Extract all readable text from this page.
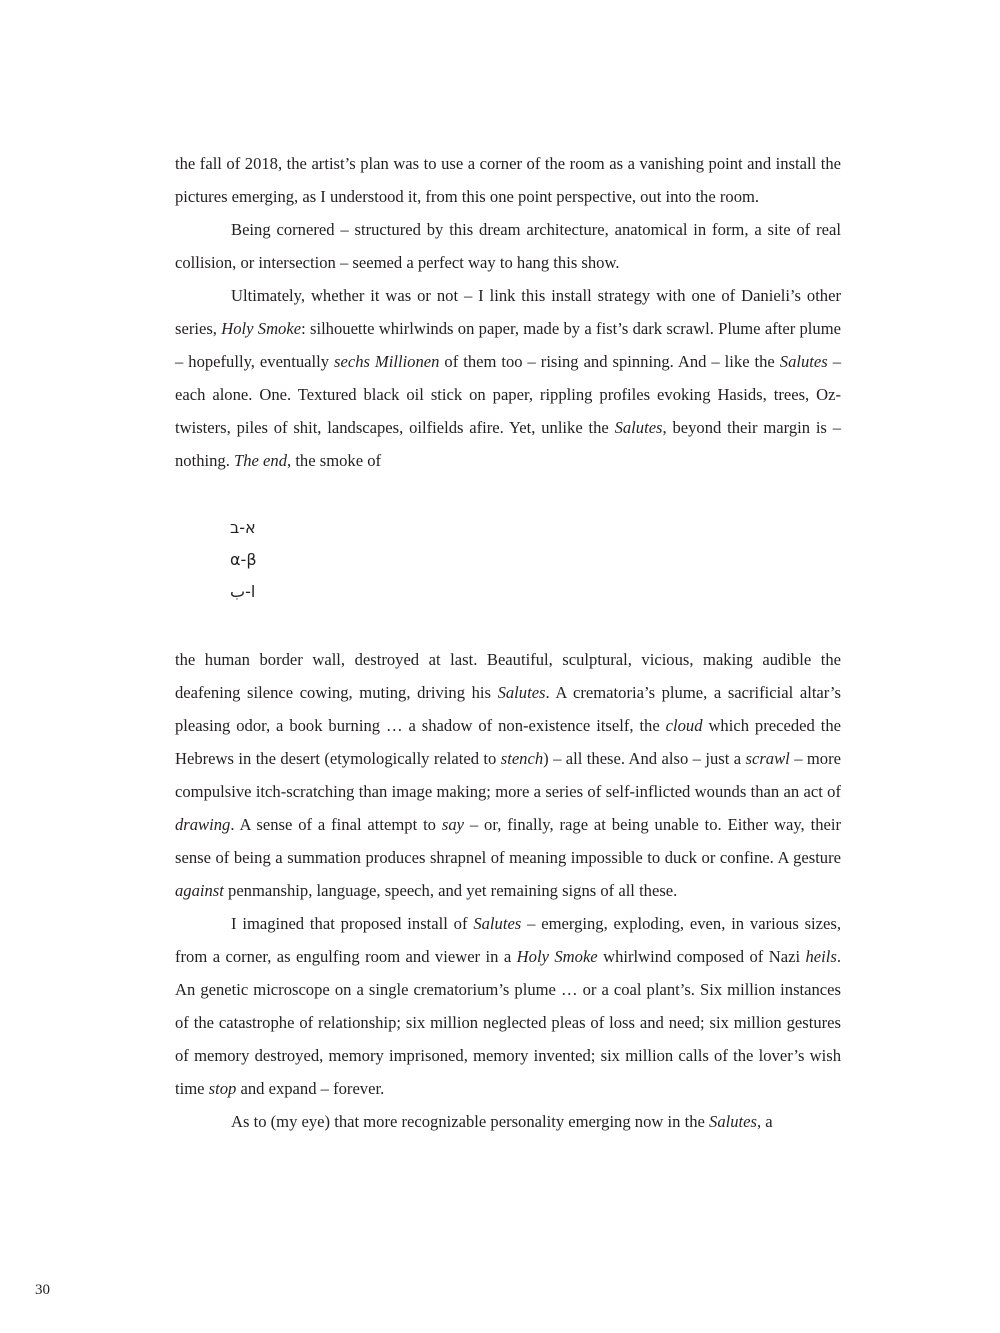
the fall of 2018, the artist’s plan was to use a corner of the room as a vanishing point and install the pictures emerging, as I understood it, from this one point perspective, out into the room.

Being cornered – structured by this dream architecture, anatomical in form, a site of real collision, or intersection – seemed a perfect way to hang this show.

Ultimately, whether it was or not – I link this install strategy with one of Danieli’s other series, Holy Smoke: silhouette whirlwinds on paper, made by a fist’s dark scrawl. Plume after plume – hopefully, eventually sechs Millionen of them too – rising and spinning. And – like the Salutes – each alone. One. Textured black oil stick on paper, rippling profiles evoking Hasids, trees, Oz-twisters, piles of shit, landscapes, oilfields afire. Yet, unlike the Salutes, beyond their margin is – nothing. The end, the smoke of

א-ב
α-β
ا-ب

the human border wall, destroyed at last. Beautiful, sculptural, vicious, making audible the deafening silence cowing, muting, driving his Salutes. A crematoria’s plume, a sacrificial altar’s pleasing odor, a book burning … a shadow of non-existence itself, the cloud which preceded the Hebrews in the desert (etymologically related to stench) – all these. And also – just a scrawl – more compulsive itch-scratching than image making; more a series of self-inflicted wounds than an act of drawing. A sense of a final attempt to say – or, finally, rage at being unable to. Either way, their sense of being a summation produces shrapnel of meaning impossible to duck or confine. A gesture against penmanship, language, speech, and yet remaining signs of all these.

I imagined that proposed install of Salutes – emerging, exploding, even, in various sizes, from a corner, as engulfing room and viewer in a Holy Smoke whirlwind composed of Nazi heils. An genetic microscope on a single crematorium’s plume … or a coal plant’s. Six million instances of the catastrophe of relationship; six million neglected pleas of loss and need; six million gestures of memory destroyed, memory imprisoned, memory invented; six million calls of the lover’s wish time stop and expand – forever.

As to (my eye) that more recognizable personality emerging now in the Salutes, a

30
